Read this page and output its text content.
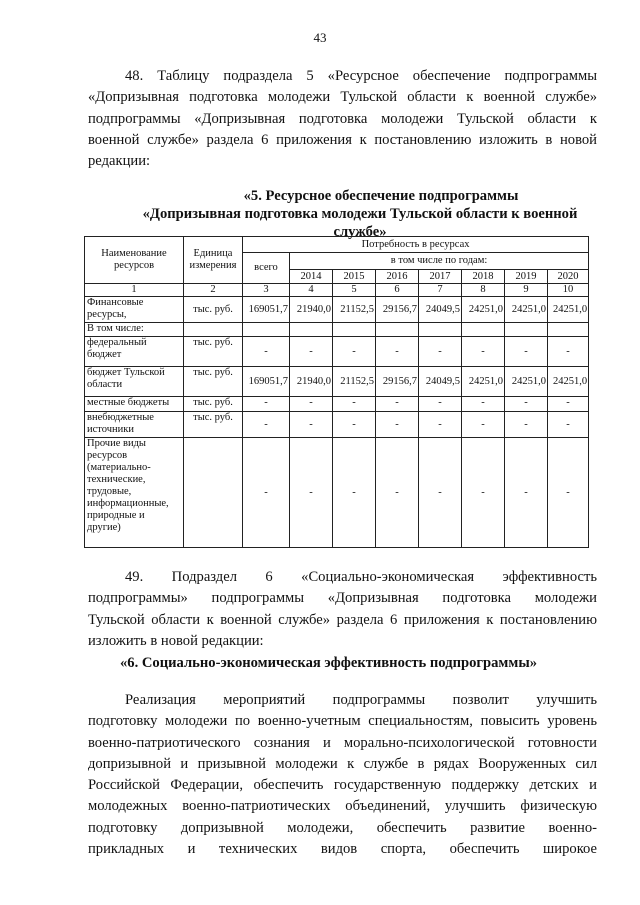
43
48. Таблицу подраздела 5 «Ресурсное обеспечение подпрограммы
«Допризывная подготовка молодежи Тульской области к военной службе»
подпрограммы «Допризывная подготовка молодежи Тульской области к
военной службе» раздела 6 приложения к постановлению изложить в новой
редакции:
«5. Ресурсное обеспечение подпрограммы
«Допризывная подготовка молодежи Тульской области к военной
службе»
Наименование ресурсов	Единица измерения	Потребность в ресурсах							
		всего	в том числе по годам:						
			2014	2015	2016	2017	2018	2019	2020
1	2	3	4	5	6	7	8	9	10
Финансовые ресурсы,	тыс. руб.	169051,7	21940,0	21152,5	29156,7	24049,5	24251,0	24251,0	24251,0
В том числе:									
федеральный бюджет	тыс. руб.	-	-	-	-	-	-	-	-
бюджет Тульской области	тыс. руб.	169051,7	21940,0	21152,5	29156,7	24049,5	24251,0	24251,0	24251,0
местные бюджеты	тыс. руб.	-	-	-	-	-	-	-	-
внебюджетные источники	тыс. руб.	-	-	-	-	-	-	-	-
Прочие виды ресурсов (материально-технические, трудовые, информационные, природные и другие)		-	-	-	-	-	-	-	-
49. Подраздел 6 «Социально-экономическая эффективность
подпрограммы» подпрограммы «Допризывная подготовка молодежи
Тульской области к военной службе» раздела 6 приложения к постановлению
изложить в новой редакции:
«6. Социально-экономическая эффективность подпрограммы»
Реализация мероприятий подпрограммы позволит улучшить
подготовку молодежи по военно-учетным специальностям, повысить уровень
военно-патриотического сознания и морально-психологической готовности
допризывной и призывной молодежи к службе в рядах Вооруженных сил
Российской Федерации, обеспечить государственную поддержку детских и
молодежных военно-патриотических объединений, улучшить физическую
подготовку допризывной молодежи, обеспечить развитие военно-
прикладных и технических видов спорта, обеспечить широкое
